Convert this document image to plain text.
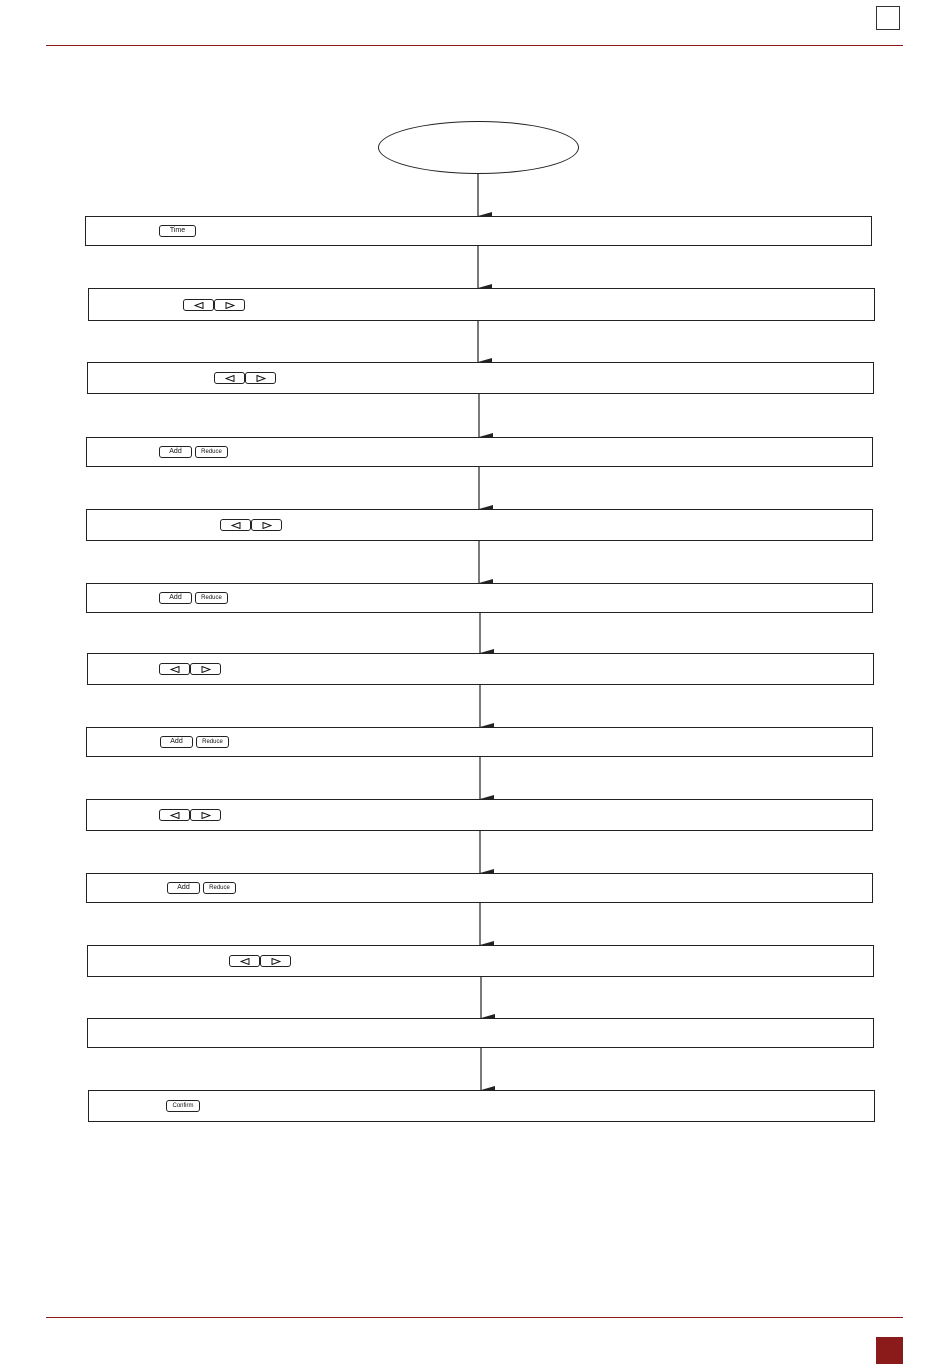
Time
Add	Reduce
Add	Reduce
Add	Reduce
Add	Reduce
Confirm
